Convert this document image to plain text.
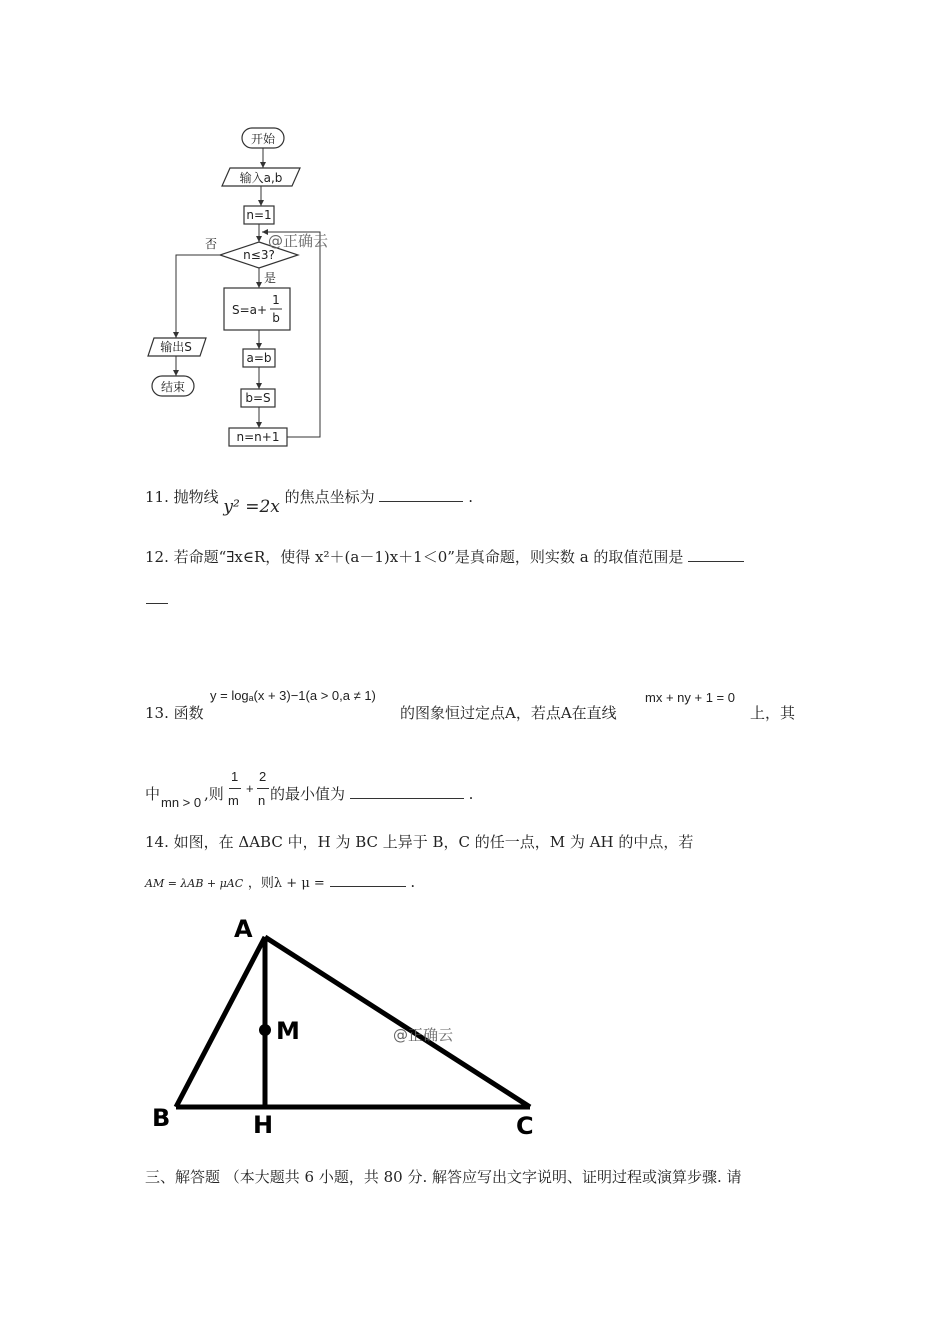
开始
输入a,b
n=1
n≤3?
否
是
S=a+
1
b
a=b
b=S
n=n+1
@正确云
输出S
结束
11. 抛物线 y² =2x 的焦点坐标为	.
12. 若命题“∃x∈R，使得 x²＋(a－1)x＋1＜0”是真命题，则实数 a 的取值范围是
13. 函数
y = logₐ(x + 3)−1(a > 0,a ≠ 1)
的图象恒过定点A，若点A在直线
mx + ny + 1 = 0
上，其
中 mn > 0 ,则
1
m
+
2
n 的最小值为	.
14. 如图，在 ΔABC 中，H 为 BC 上异于 B，C 的任一点，M 为 AH 的中点，若
AM = λAB + μAC ，则λ + μ =	.
A
B	H	C
M	@正确云
三、解答题 （本大题共 6 小题，共 80 分. 解答应写出文字说明、证明过程或演算步骤. 请
